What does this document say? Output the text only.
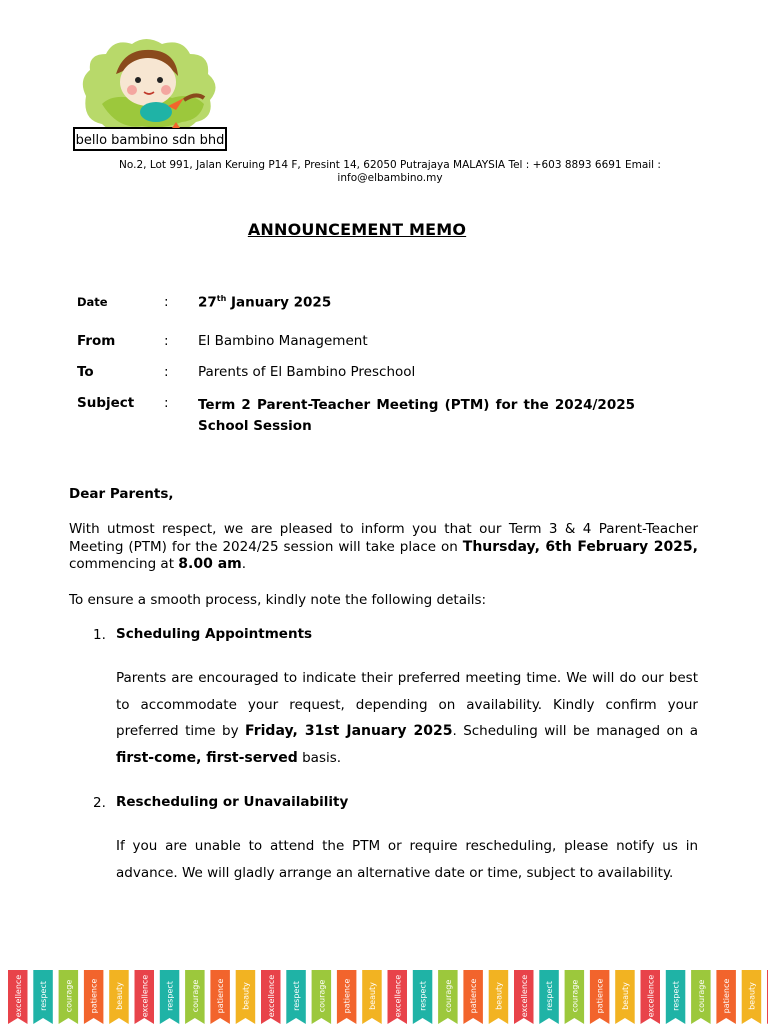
bello bambino sdn bhd
No.2, Lot 991, Jalan Keruing P14 F, Presint 14, 62050 Putrajaya MALAYSIA Tel : +603 8893 6691 Email : info@elbambino.my
ANNOUNCEMENT MEMO
Date	: 27th January 2025
From	: El Bambino Management
To	: Parents of El Bambino Preschool
Subject : Term 2 Parent-Teacher Meeting (PTM) for the 2024/2025 School Session
Dear Parents,
With utmost respect, we are pleased to inform you that our Term 3 & 4 Parent-Teacher Meeting (PTM) for the 2024/25 session will take place on Thursday, 6th February 2025, commencing at 8.00 am.
To ensure a smooth process, kindly note the following details:
1. Scheduling Appointments
Parents are encouraged to indicate their preferred meeting time. We will do our best to accommodate your request, depending on availability. Kindly confirm your preferred time by Friday, 31st January 2025. Scheduling will be managed on a first-come, first-served basis.
2. Rescheduling or Unavailability
If you are unable to attend the PTM or require rescheduling, please notify us in advance. We will gladly arrange an alternative date or time, subject to availability.
excellence respect courage patience beauty excellence respect courage patience beauty excellence respect courage patience beauty excellence respect courage patience beauty excellence respect courage patience beauty excellence respect courage patience beauty
